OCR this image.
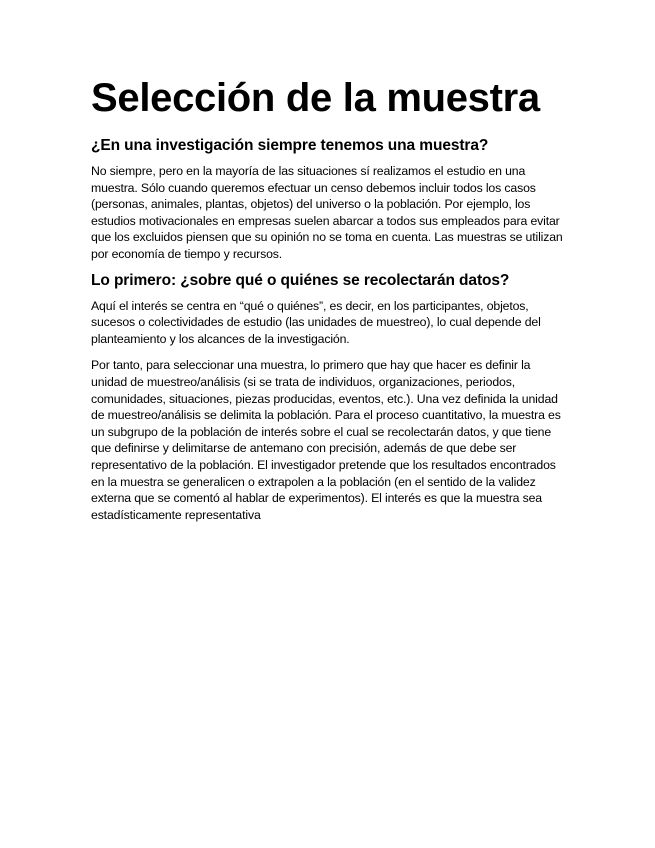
Selección de la muestra
¿En una investigación siempre tenemos una muestra?

No siempre, pero en la mayoría de las situaciones sí realizamos el estudio en una muestra. Sólo cuando queremos efectuar un censo debemos incluir todos los casos (personas, animales, plantas, objetos) del universo o la población. Por ejemplo, los estudios motivacionales en empresas suelen abarcar a todos sus empleados para evitar que los excluidos piensen que su opinión no se toma en cuenta. Las muestras se utilizan por economía de tiempo y recursos.

Lo primero: ¿sobre qué o quiénes se recolectarán datos?

Aquí el interés se centra en “qué o quiénes”, es decir, en los participantes, objetos, sucesos o colectividades de estudio (las unidades de muestreo), lo cual depende del planteamiento y los alcances de la investigación.

Por tanto, para seleccionar una muestra, lo primero que hay que hacer es definir la unidad de muestreo/análisis (si se trata de individuos, organizaciones, periodos, comunidades, situaciones, piezas producidas, eventos, etc.). Una vez definida la unidad de muestreo/análisis se delimita la población. Para el proceso cuantitativo, la muestra es un subgrupo de la población de interés sobre el cual se recolectarán datos, y que tiene que definirse y delimitarse de antemano con precisión, además de que debe ser representativo de la población. El investigador pretende que los resultados encontrados en la muestra se generalicen o extrapolen a la población (en el sentido de la validez externa que se comentó al hablar de experimentos). El interés es que la muestra sea estadísticamente representativa
